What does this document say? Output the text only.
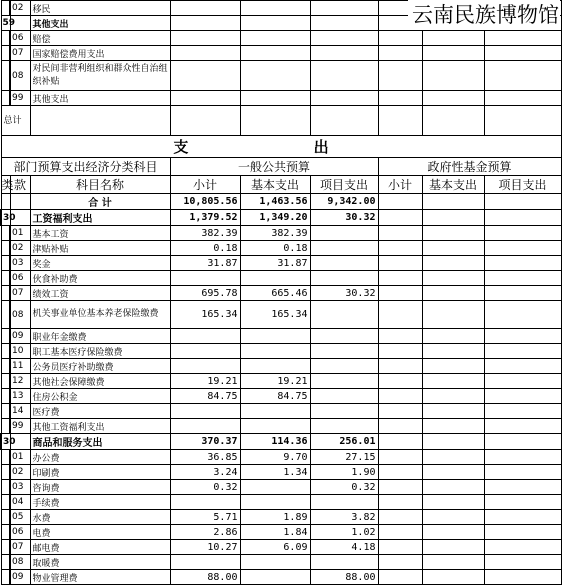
	02	移民						
59		其他支出						
	06	赔偿						
	07	国家赔偿费用支出						
	08	对民间非营利组织和群众性自治组织补贴						
	99	其他支出						
总计								
支 出								
部门预算支出经济分类科目			一般公共预算			政府性基金预算		
类	款	科目名称	小计	基本支出	项目支出	小计	基本支出	项目支出
		合 计	10,805.56	1,463.56	9,342.00			
30		工资福利支出	1,379.52	1,349.20	30.32			
	01	基本工资	382.39	382.39				
	02	津贴补贴	0.18	0.18				
	03	奖金	31.87	31.87				
	06	伙食补助费						
	07	绩效工资	695.78	665.46	30.32			
	08	机关事业单位基本养老保险缴费	165.34	165.34				
	09	职业年金缴费						
	10	职工基本医疗保险缴费						
	11	公务员医疗补助缴费						
	12	其他社会保障缴费	19.21	19.21				
	13	住房公积金	84.75	84.75				
	14	医疗费						
	99	其他工资福利支出						
30		商品和服务支出	370.37	114.36	256.01			
	01	办公费	36.85	9.70	27.15			
	02	印刷费	3.24	1.34	1.90			
	03	咨询费	0.32		0.32			
	04	手续费						
	05	水费	5.71	1.89	3.82			
	06	电费	2.86	1.84	1.02			
	07	邮电费	10.27	6.09	4.18			
	08	取暖费						
	09	物业管理费	88.00		88.00			
云南民族博物馆
